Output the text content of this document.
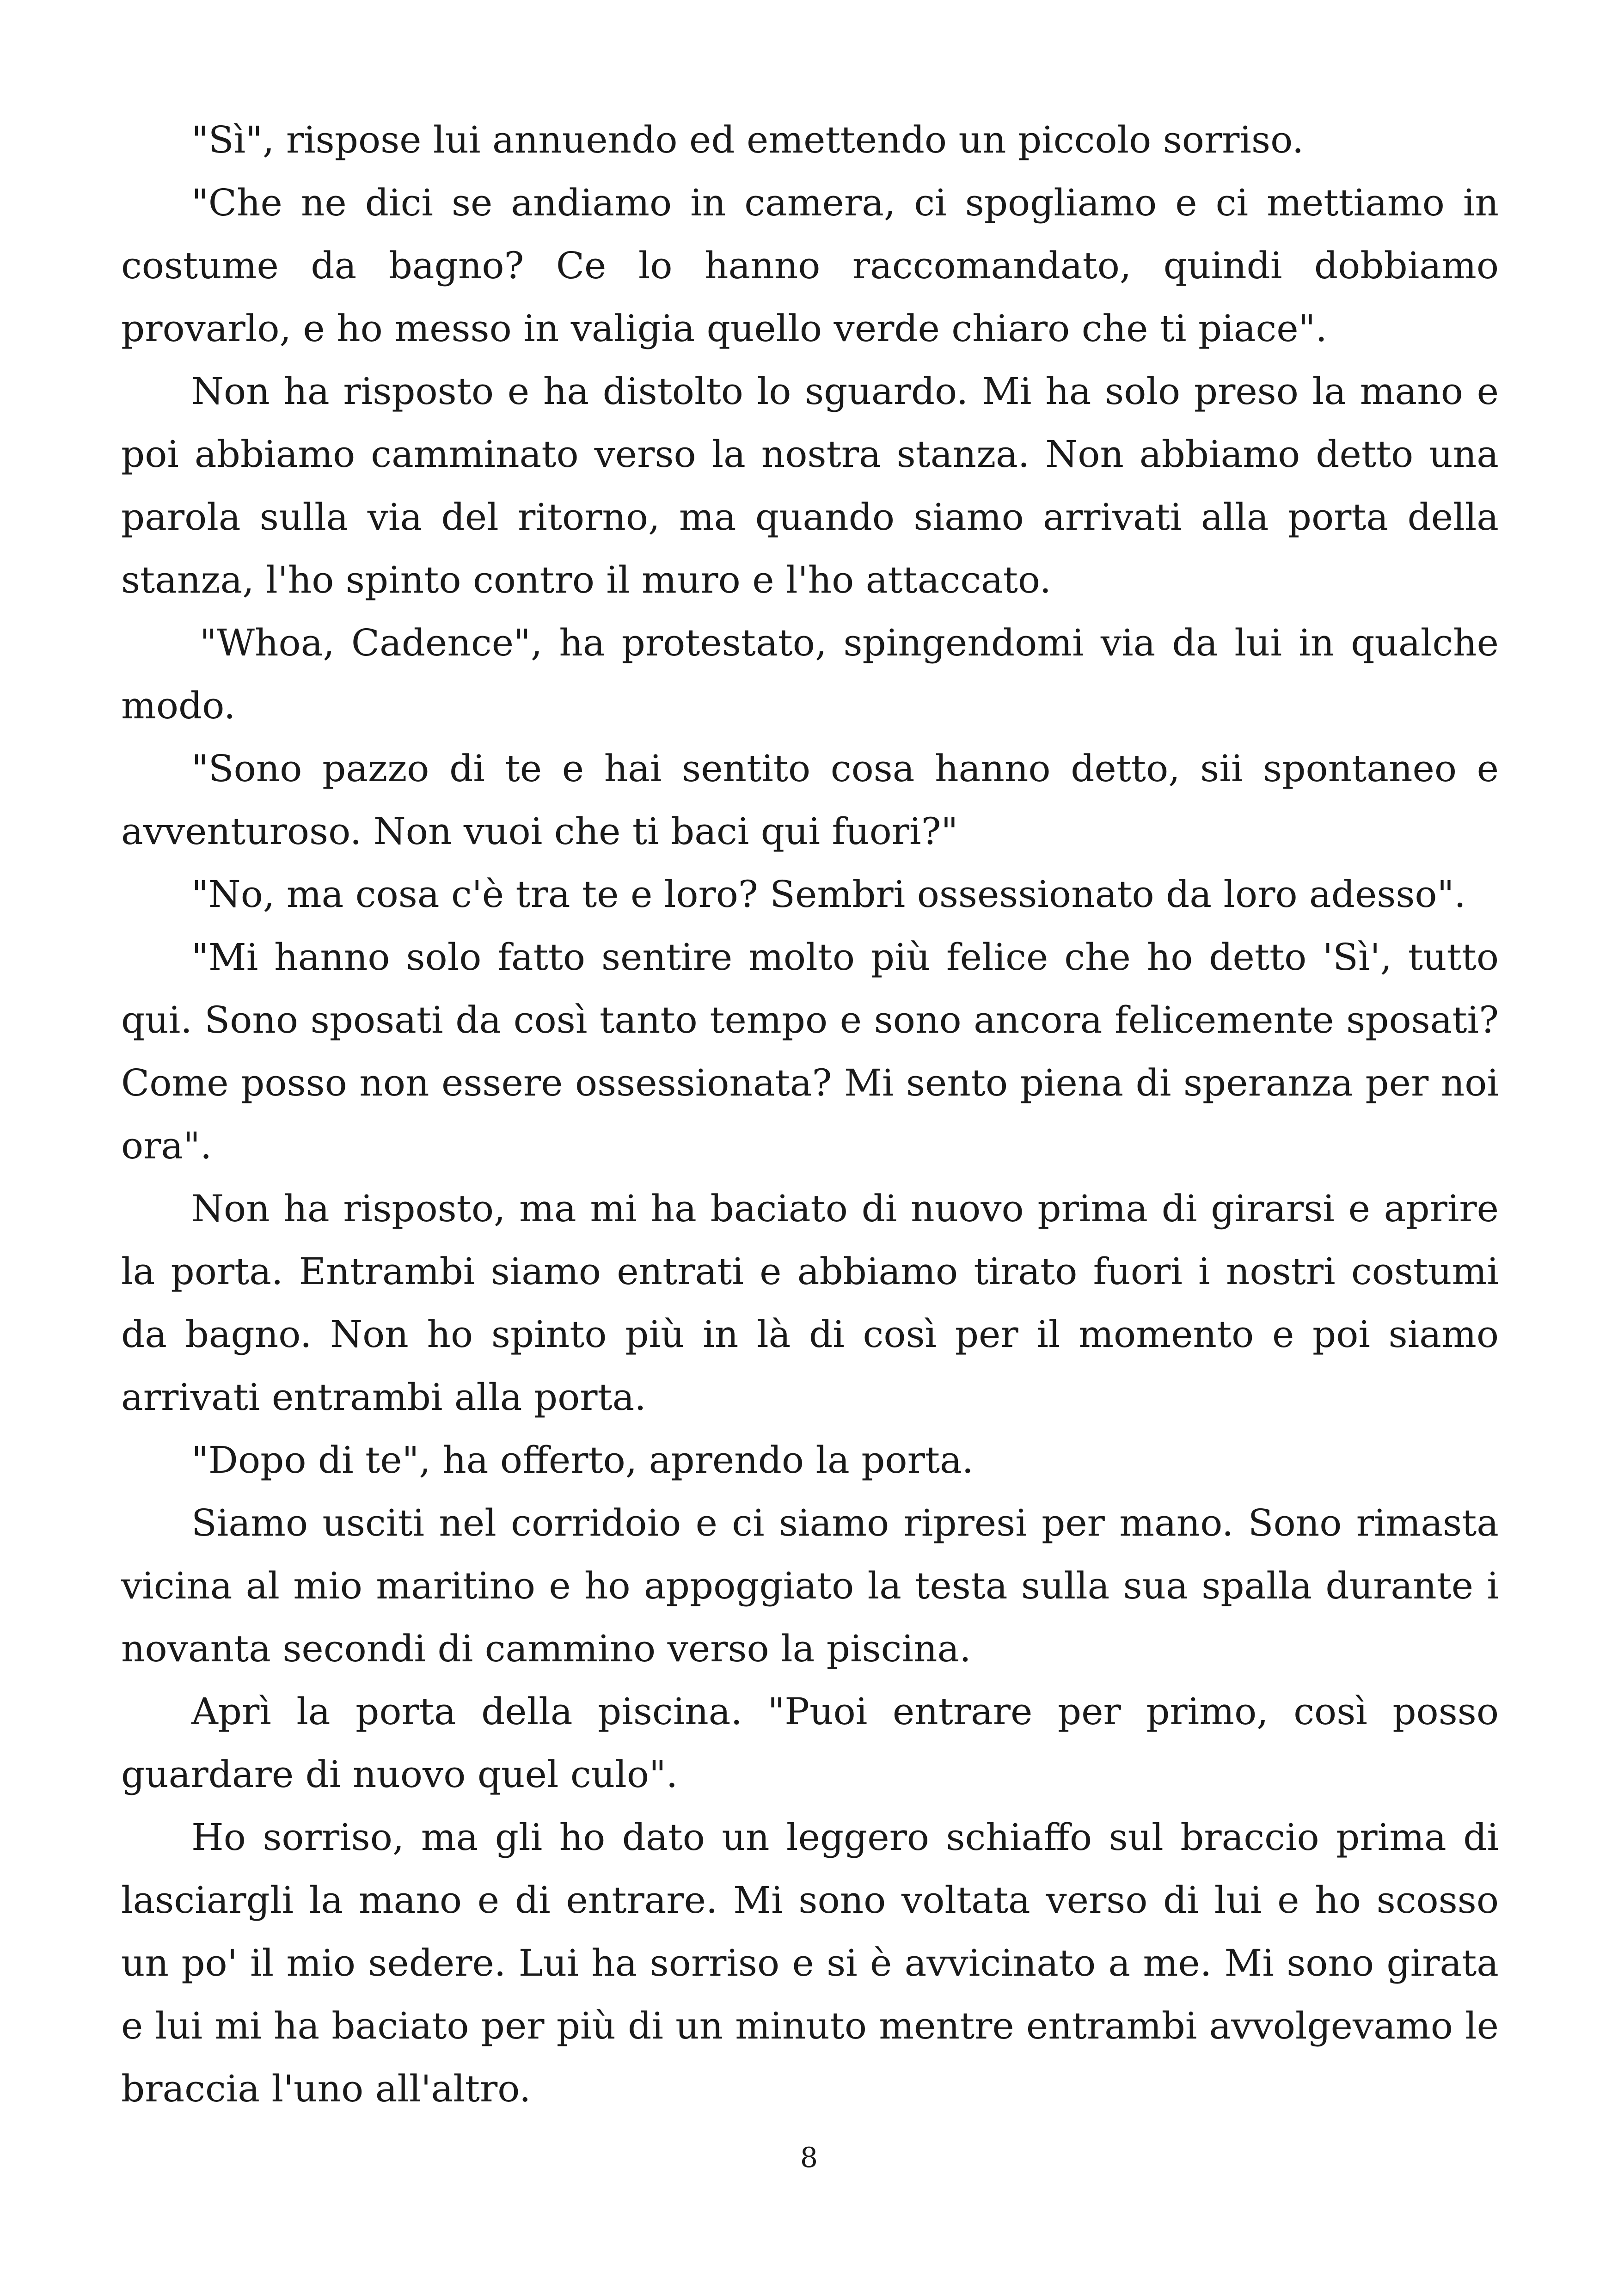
"Sì", rispose lui annuendo ed emettendo un piccolo sorriso.

"Che ne dici se andiamo in camera, ci spogliamo e ci mettiamo in costume da bagno? Ce lo hanno raccomandato, quindi dobbiamo provarlo, e ho messo in valigia quello verde chiaro che ti piace".

Non ha risposto e ha distolto lo sguardo. Mi ha solo preso la mano e poi abbiamo camminato verso la nostra stanza. Non abbiamo detto una parola sulla via del ritorno, ma quando siamo arrivati alla porta della stanza, l'ho spinto contro il muro e l'ho attaccato.

"Whoa, Cadence", ha protestato, spingendomi via da lui in qualche modo.

"Sono pazzo di te e hai sentito cosa hanno detto, sii spontaneo e avventuroso. Non vuoi che ti baci qui fuori?"

"No, ma cosa c'è tra te e loro? Sembri ossessionato da loro adesso".

"Mi hanno solo fatto sentire molto più felice che ho detto 'Sì', tutto qui. Sono sposati da così tanto tempo e sono ancora felicemente sposati? Come posso non essere ossessionata? Mi sento piena di speranza per noi ora".

Non ha risposto, ma mi ha baciato di nuovo prima di girarsi e aprire la porta. Entrambi siamo entrati e abbiamo tirato fuori i nostri costumi da bagno. Non ho spinto più in là di così per il momento e poi siamo arrivati entrambi alla porta.

"Dopo di te", ha offerto, aprendo la porta.

Siamo usciti nel corridoio e ci siamo ripresi per mano. Sono rimasta vicina al mio maritino e ho appoggiato la testa sulla sua spalla durante i novanta secondi di cammino verso la piscina.

Aprì la porta della piscina. "Puoi entrare per primo, così posso guardare di nuovo quel culo".

Ho sorriso, ma gli ho dato un leggero schiaffo sul braccio prima di lasciargli la mano e di entrare. Mi sono voltata verso di lui e ho scosso un po' il mio sedere. Lui ha sorriso e si è avvicinato a me. Mi sono girata e lui mi ha baciato per più di un minuto mentre entrambi avvolgevamo le braccia l'uno all'altro.

8
